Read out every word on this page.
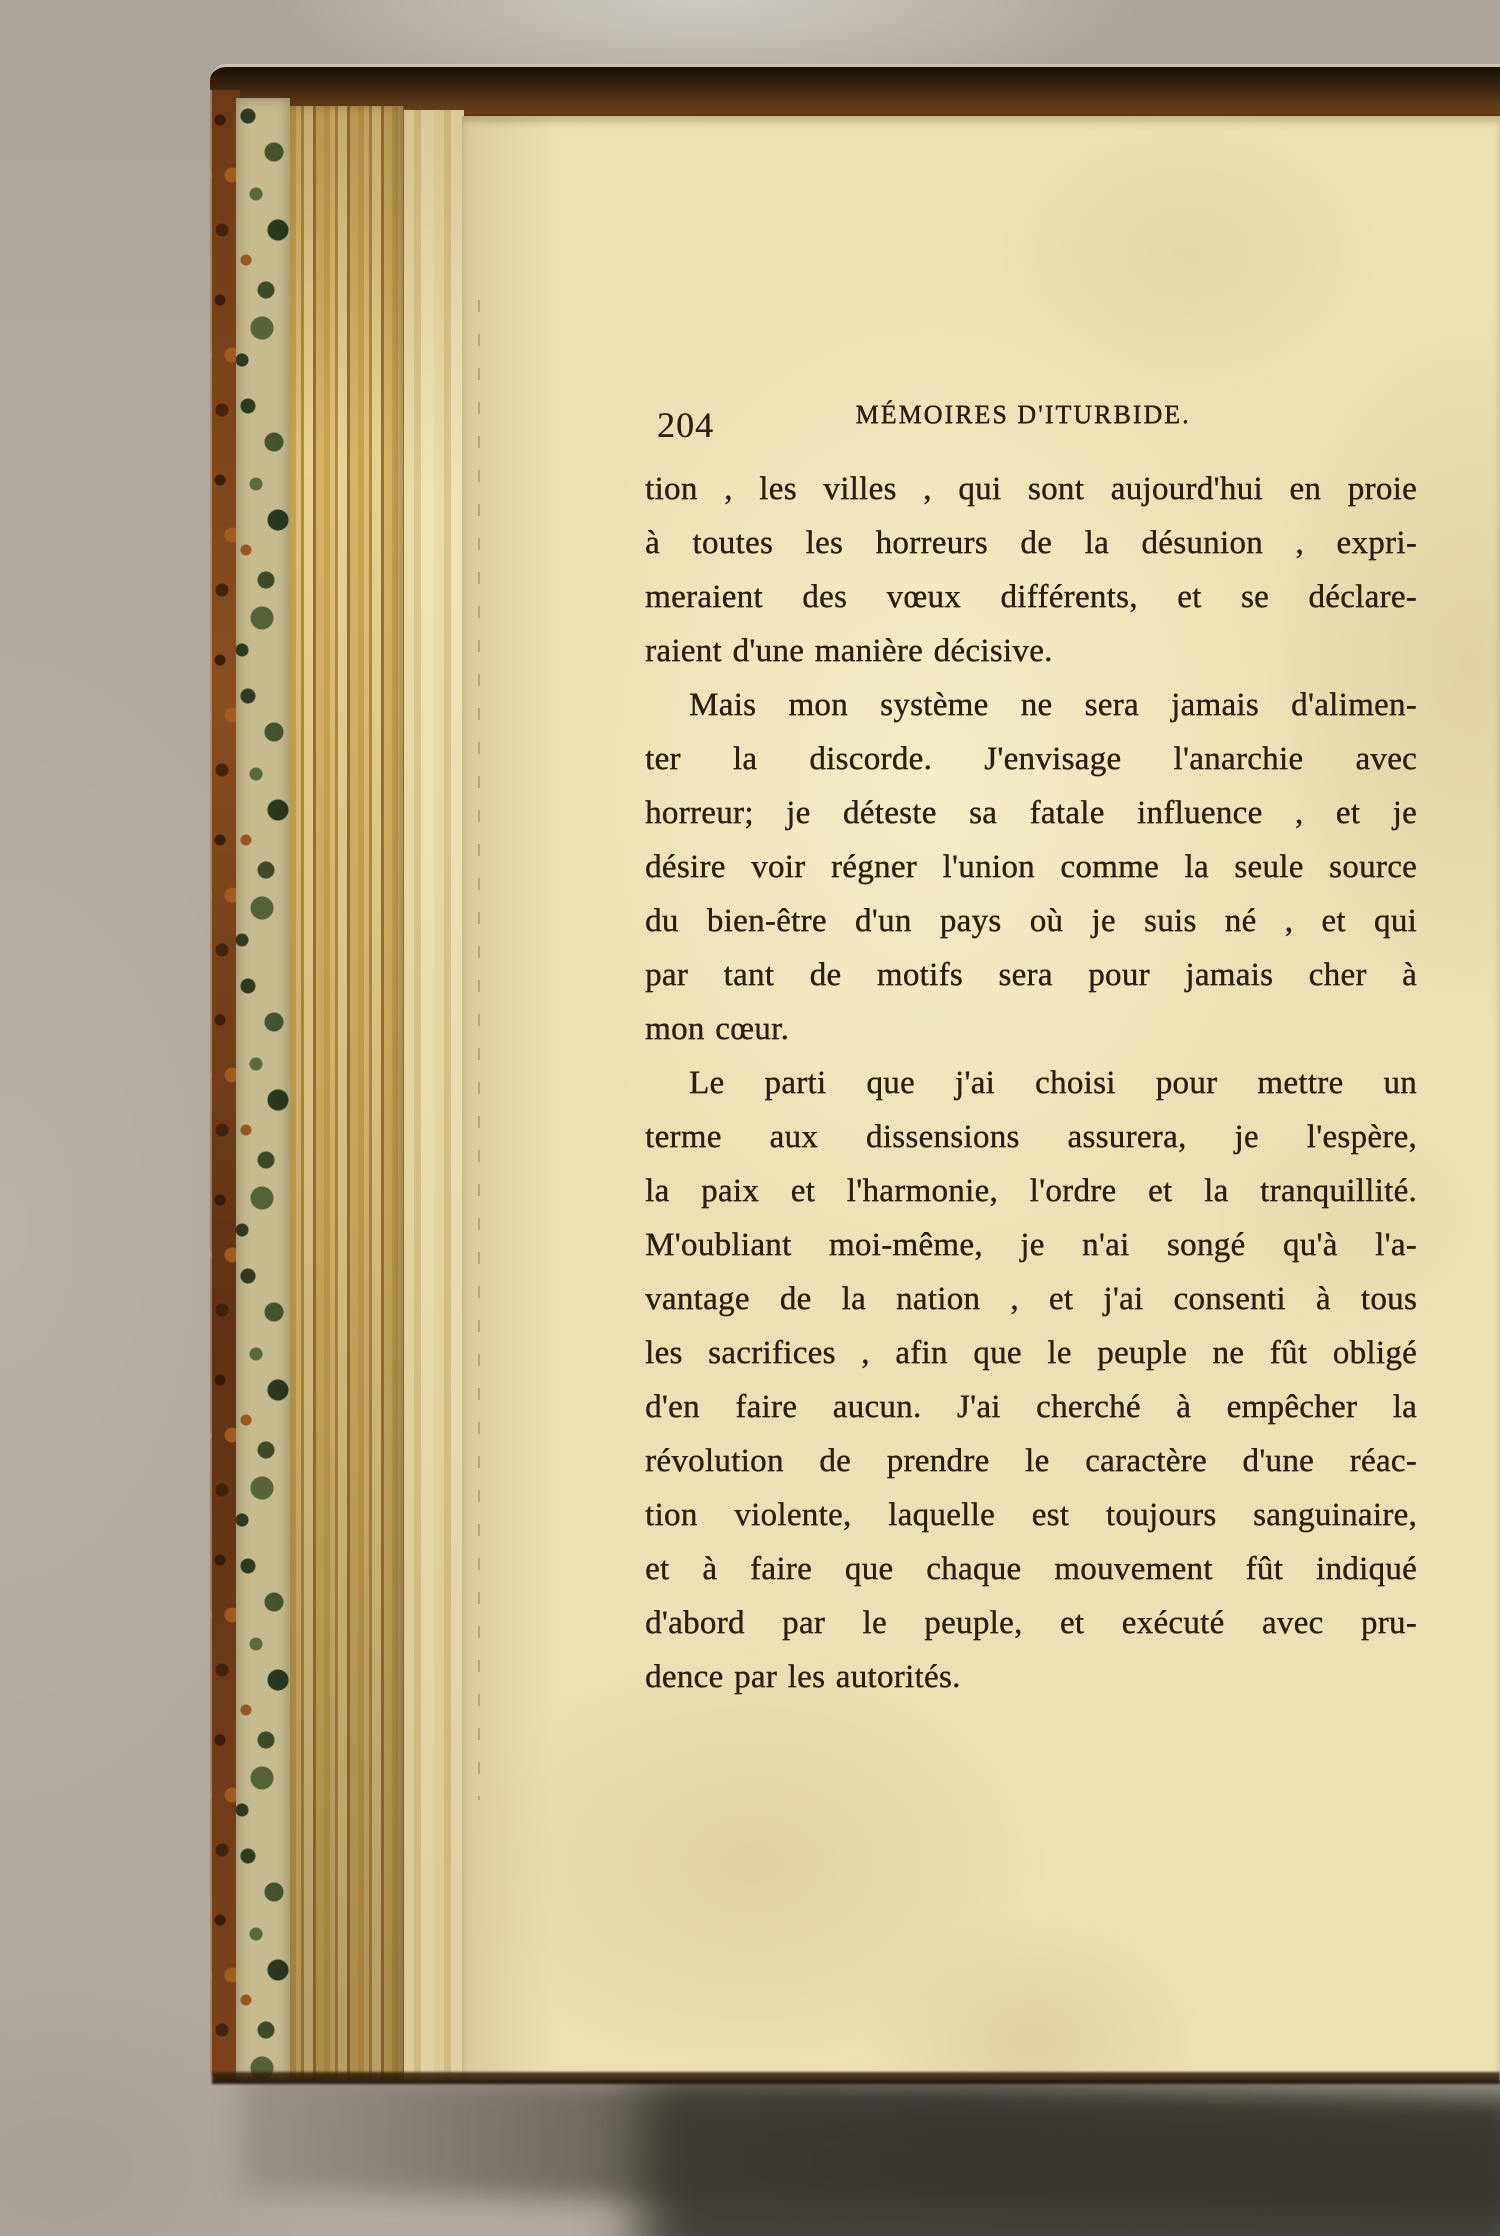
204	MÉMOIRES D'ITURBIDE.
tion , les villes , qui sont aujourd'hui en proie
à toutes les horreurs de la désunion , expri-
meraient des vœux différents, et se déclare-
raient d'une manière décisive.
Mais mon système ne sera jamais d'alimen-
ter la discorde. J'envisage l'anarchie avec
horreur; je déteste sa fatale influence , et je
désire voir régner l'union comme la seule source
du bien-être d'un pays où je suis né , et qui
par tant de motifs sera pour jamais cher à
mon cœur.
Le parti que j'ai choisi pour mettre un
terme aux dissensions assurera, je l'espère,
la paix et l'harmonie, l'ordre et la tranquillité.
M'oubliant moi-même, je n'ai songé qu'à l'a-
vantage de la nation , et j'ai consenti à tous
les sacrifices , afin que le peuple ne fût obligé
d'en faire aucun. J'ai cherché à empêcher la
révolution de prendre le caractère d'une réac-
tion violente, laquelle est toujours sanguinaire,
et à faire que chaque mouvement fût indiqué
d'abord par le peuple, et exécuté avec pru-
dence par les autorités.
